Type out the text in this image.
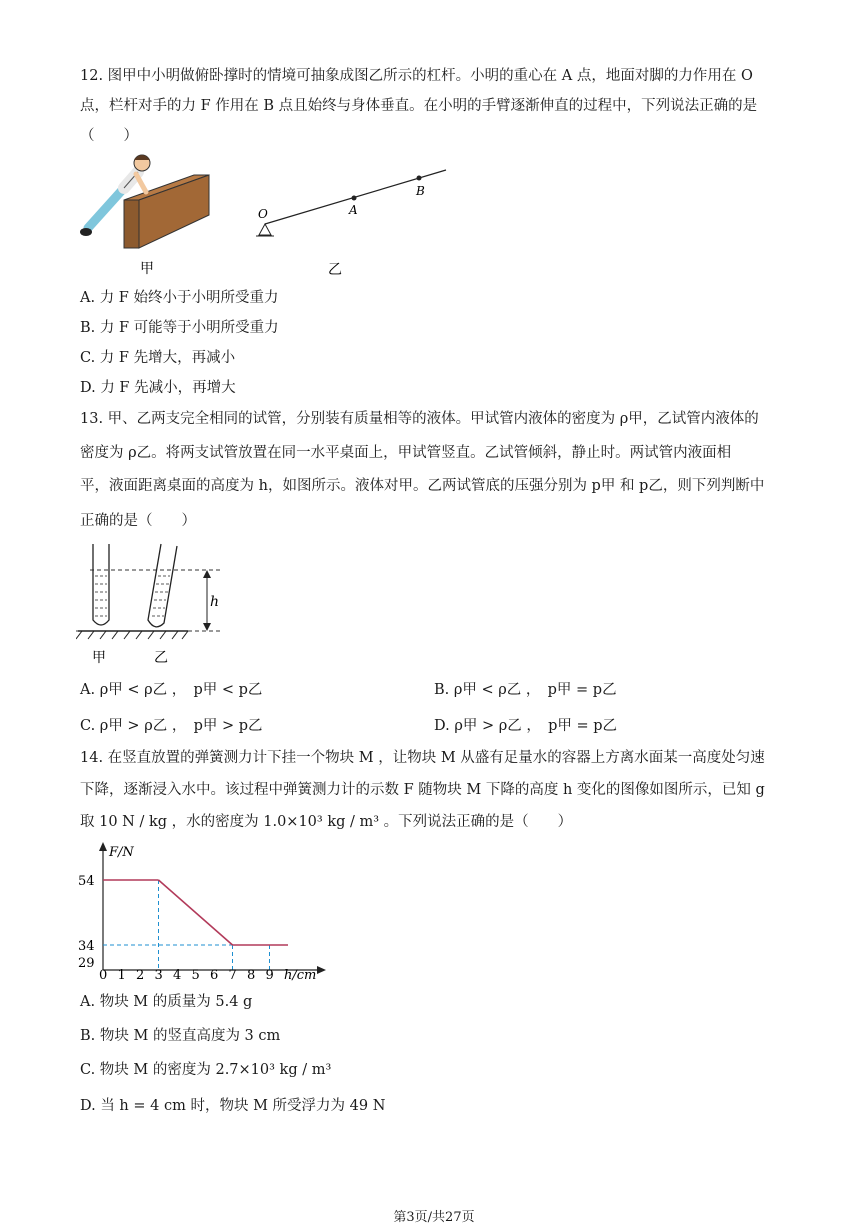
12. 图甲中小明做俯卧撑时的情境可抽象成图乙所示的杠杆。小明的重心在 A 点，地面对脚的力作用在 O
点，栏杆对手的力 F 作用在 B 点且始终与身体垂直。在小明的手臂逐渐伸直的过程中，下列说法正确的是
（　　）
甲
O	A
B
乙
A. 力 F 始终小于小明所受重力
B. 力 F 可能等于小明所受重力
C. 力 F 先增大，再减小
D. 力 F 先减小，再增大
13. 甲、乙两支完全相同的试管，分别装有质量相等的液体。甲试管内液体的密度为 ρ甲，乙试管内液体的
密度为 ρ乙。将两支试管放置在同一水平桌面上，甲试管竖直。乙试管倾斜，静止时。两试管内液面相
平，液面距离桌面的高度为 h，如图所示。液体对甲。乙两试管底的压强分别为 p甲 和 p乙，则下列判断中
正确的是（　　）
h
甲	乙
A. ρ甲 < ρ乙 ，　p甲 < p乙	B. ρ甲 < ρ乙 ，　p甲 = p乙
C. ρ甲 > ρ乙 ，　p甲 > p乙	D. ρ甲 > ρ乙 ，　p甲 = p乙
14. 在竖直放置的弹簧测力计下挂一个物块 M ，让物块 M 从盛有足量水的容器上方离水面某一高度处匀速
下降，逐渐浸入水中。该过程中弹簧测力计的示数 F 随物块 M 下降的高度 h 变化的图像如图所示，已知 g
取 10 N / kg ，水的密度为 1.0×10³ kg / m³ 。下列说法正确的是（　　）
F/N
h/cm
0 1 2 3 4 5 6 7 8 9
29
34
54
A. 物块 M 的质量为 5.4 g
B. 物块 M 的竖直高度为 3 cm
C. 物块 M 的密度为 2.7×10³ kg / m³
D. 当 h = 4 cm 时，物块 M 所受浮力为 49 N
第3页/共27页
